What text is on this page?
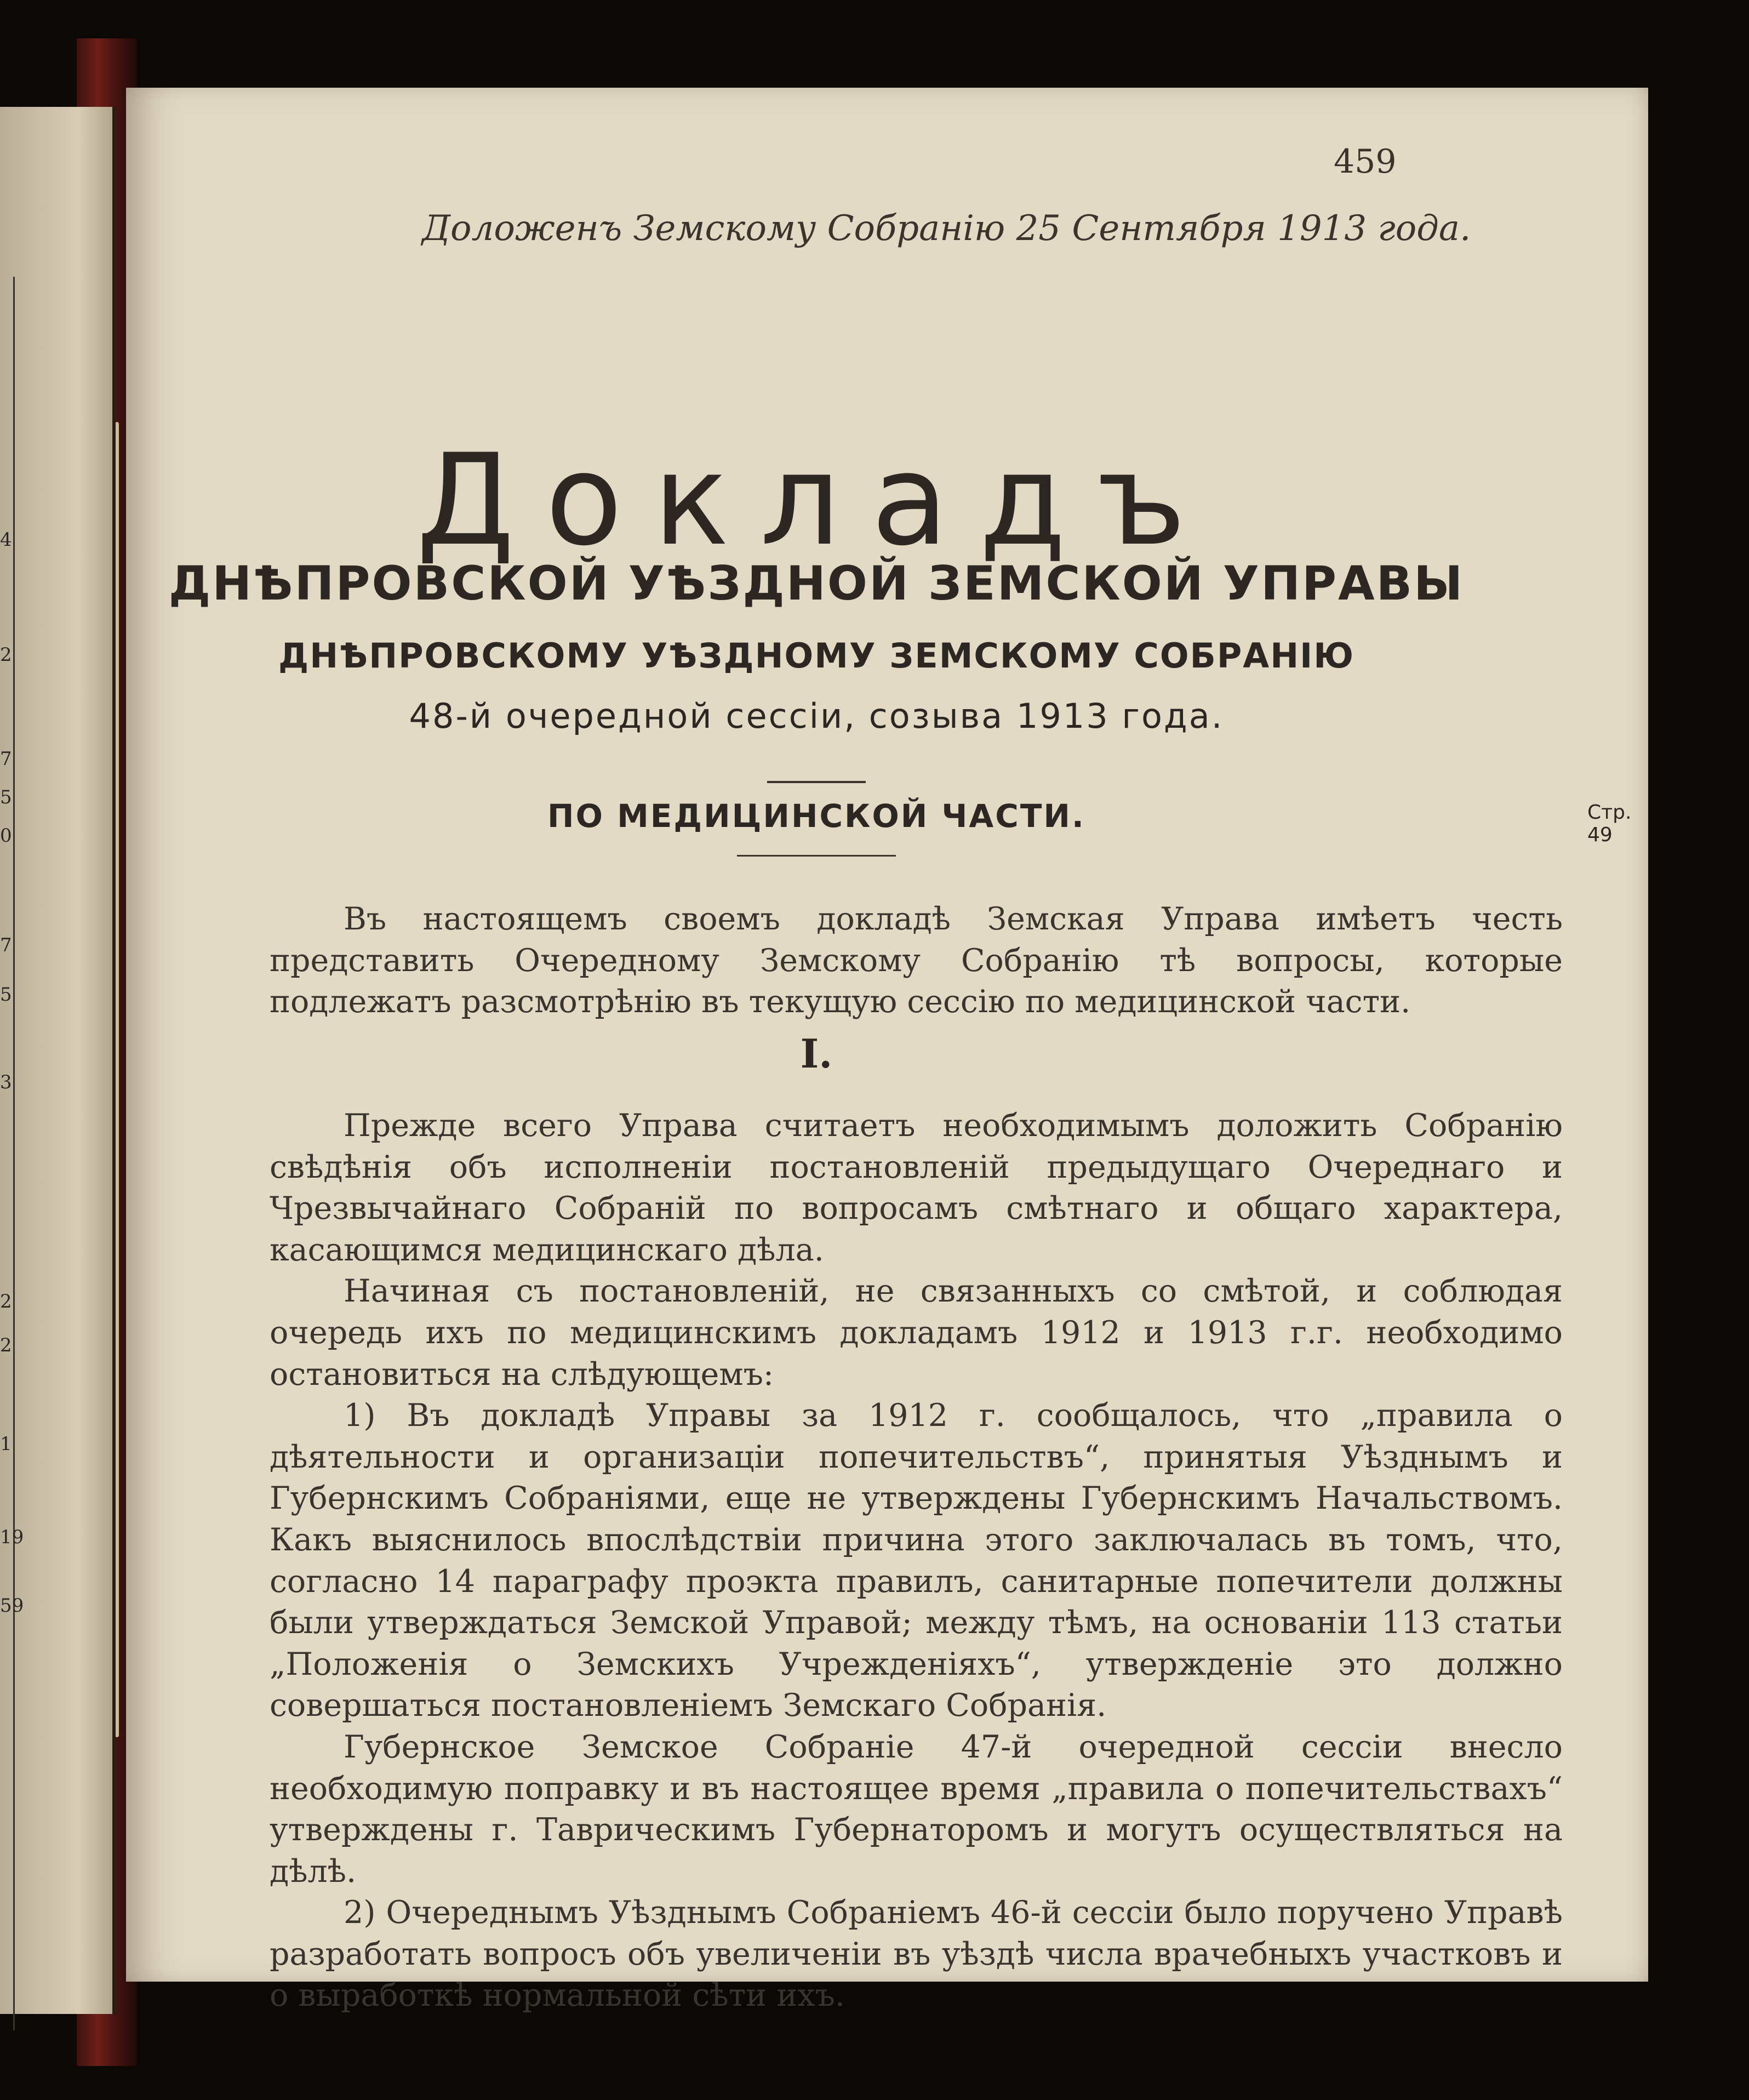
4
2
7
5
0
7
5
3
2
2
1
19
59
459
Доложенъ Земскому Собранію 25 Сентября 1913 года.
Докладъ
ДНѢПРОВСКОЙ УѢЗДНОЙ ЗЕМСКОЙ УПРАВЫ
ДНѢПРОВСКОМУ УѢЗДНОМУ ЗЕМСКОМУ СОБРАНІЮ
48-й очередной сессіи, созыва 1913 года.
ПО МЕДИЦИНСКОЙ ЧАСТИ.	Стр. 49

Въ настоящемъ своемъ докладѣ Земская Управа имѣетъ честь представить Очередному Земскому Собранію тѣ вопросы, которые подлежатъ разсмотрѣнію въ текущую сессію по медицинской части.

I.

Прежде всего Управа считаетъ необходимымъ доложить Собранію свѣдѣнія объ исполненіи постановленій предыдущаго Очереднаго и Чрезвычайнаго Собраній по вопросамъ смѣтнаго и общаго характера, касающимся медицинскаго дѣла.

Начиная съ постановленій, не связанныхъ со смѣтой, и соблюдая очередь ихъ по медицинскимъ докладамъ 1912 и 1913 г.г. необходимо остановиться на слѣдующемъ:

1) Въ докладѣ Управы за 1912 г. сообщалось, что „правила о дѣятельности и организаціи попечительствъ“, принятыя Уѣзднымъ и Губернскимъ Собраніями, еще не утверждены Губернскимъ Начальствомъ. Какъ выяснилось впослѣдствіи причина этого заключалась въ томъ, что, согласно 14 параграфу проэкта правилъ, санитарные попечители должны были утверждаться Земской Управой; между тѣмъ, на основаніи 113 статьи „Положенія о Земскихъ Учрежденіяхъ“, утвержденіе это должно совершаться постановленіемъ Земскаго Собранія.

Губернское Земское Собраніе 47-й очередной сессіи внесло необходимую поправку и въ настоящее время „правила о попечительствахъ“ утверждены г. Таврическимъ Губернаторомъ и могутъ осуществляться на дѣлѣ.

2) Очереднымъ Уѣзднымъ Собраніемъ 46-й сессіи было поручено Управѣ разработать вопросъ объ увеличеніи въ уѣздѣ числа врачебныхъ участковъ и о выработкѣ нормальной сѣти ихъ.
